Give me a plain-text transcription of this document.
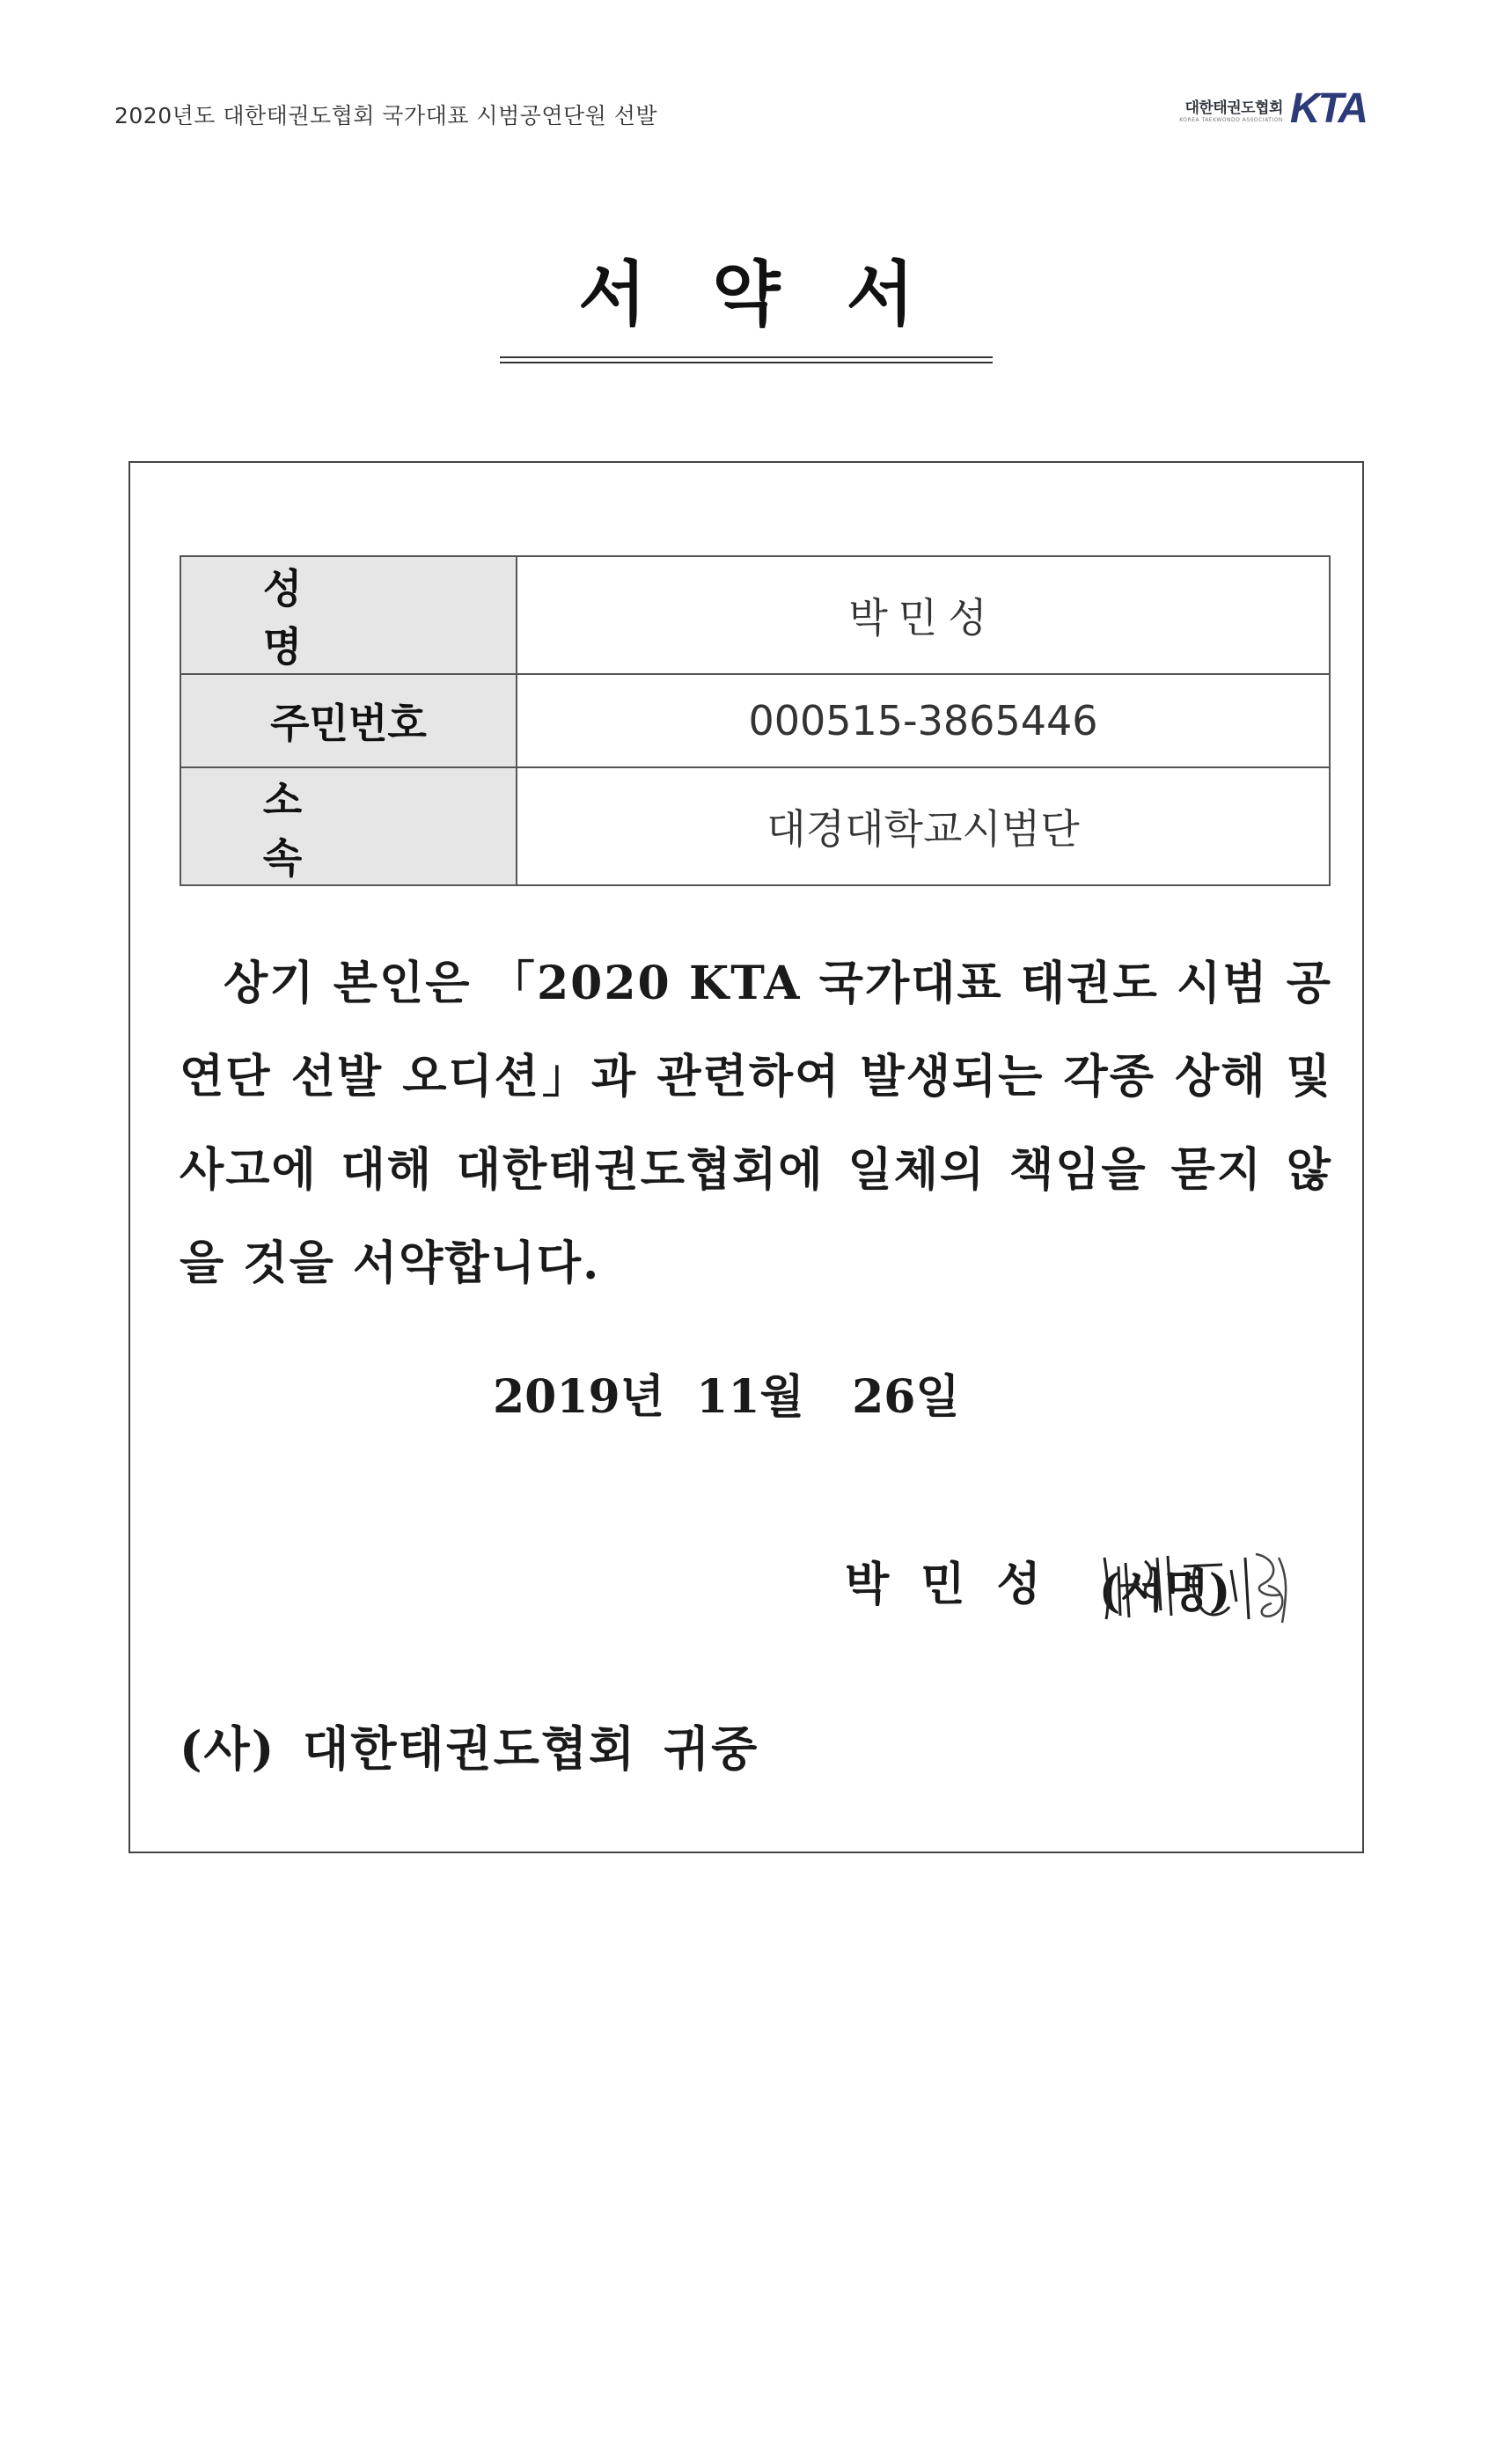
2020년도 대한태권도협회 국가대표 시범공연단원 선발	대한태권도협회
KOREA TAEKWONDO ASSOCIATION KTA
서약서
성명	박민성
주민번호	000515-3865446
소속	대경대학교시범단
상기 본인은 「2020 KTA 국가대표 태권도 시범 공연단 선발 오디션」과 관련하여 발생되는 각종 상해 및 사고에 대해 대한태권도협회에 일체의 책임을 묻지 않을 것을 서약합니다.
2019년  11월   26일
박민성 (서명)
(사) 대한태권도협회 귀중
